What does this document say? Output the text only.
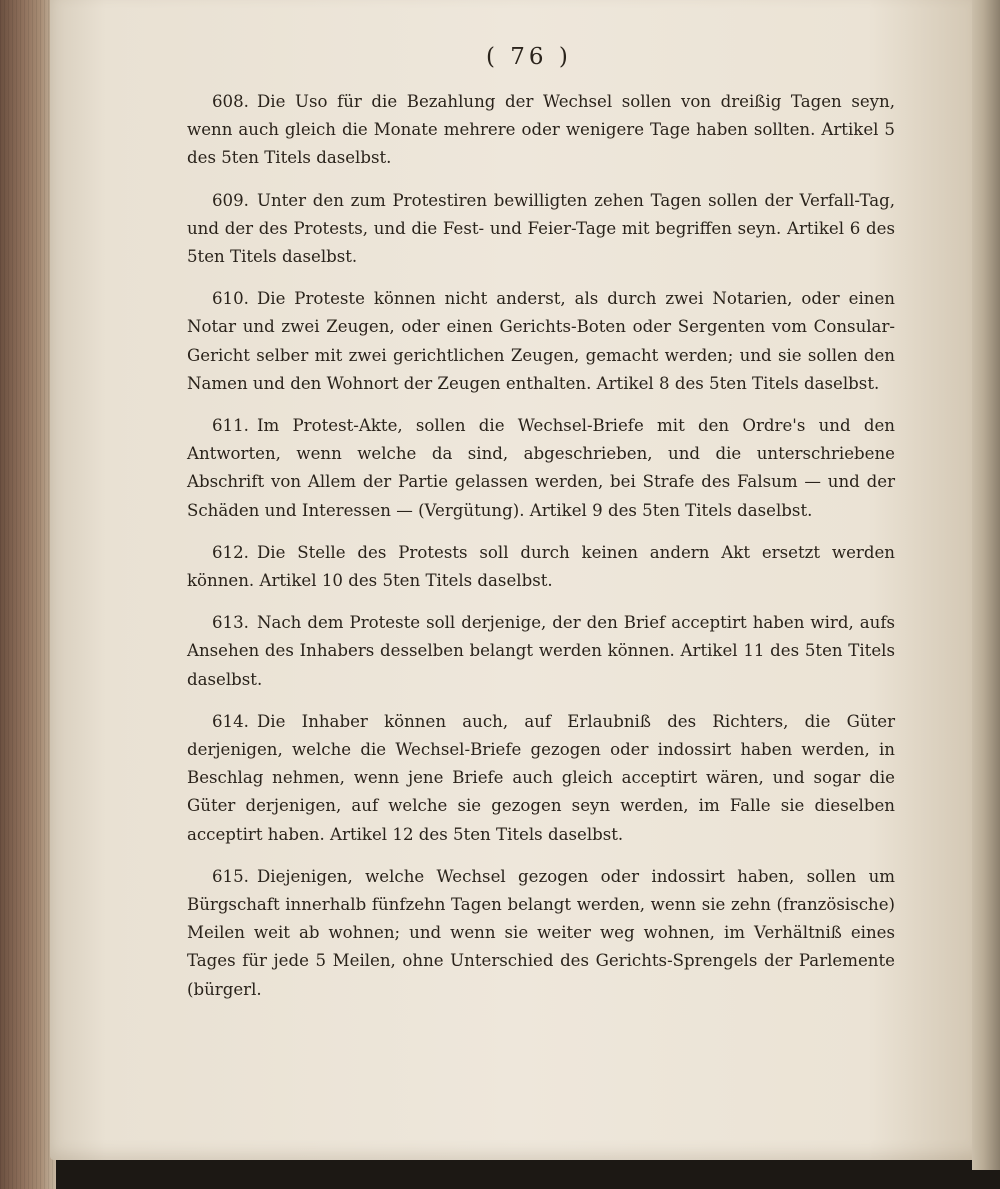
( 76 )

608. Die Uso für die Bezahlung der Wechsel sollen von dreißig Tagen seyn, wenn auch gleich die Monate mehrere oder wenigere Tage haben sollten. Artikel 5 des 5ten Titels daselbst.

609. Unter den zum Protestiren bewilligten zehen Tagen sollen der Verfall-Tag, und der des Protests, und die Fest- und Feier-Tage mit begriffen seyn. Artikel 6 des 5ten Titels daselbst.

610. Die Proteste können nicht anderst, als durch zwei Notarien, oder einen Notar und zwei Zeugen, oder einen Gerichts-Boten oder Sergenten vom Consular-Gericht selber mit zwei gerichtlichen Zeugen, gemacht werden; und sie sollen den Namen und den Wohnort der Zeugen enthalten. Artikel 8 des 5ten Titels daselbst.

611. Im Protest-Akte, sollen die Wechsel-Briefe mit den Ordre's und den Antworten, wenn welche da sind, abgeschrieben, und die unterschriebene Abschrift von Allem der Partie gelassen werden, bei Strafe des Falsum — und der Schäden und Interessen — (Vergütung). Artikel 9 des 5ten Titels daselbst.

612. Die Stelle des Protests soll durch keinen andern Akt ersetzt werden können. Artikel 10 des 5ten Titels daselbst.

613. Nach dem Proteste soll derjenige, der den Brief acceptirt haben wird, aufs Ansehen des Inhabers desselben belangt werden können. Artikel 11 des 5ten Titels daselbst.

614. Die Inhaber können auch, auf Erlaubniß des Richters, die Güter derjenigen, welche die Wechsel-Briefe gezogen oder indossirt haben werden, in Beschlag nehmen, wenn jene Briefe auch gleich acceptirt wären, und sogar die Güter derjenigen, auf welche sie gezogen seyn werden, im Falle sie dieselben acceptirt haben. Artikel 12 des 5ten Titels daselbst.

615. Diejenigen, welche Wechsel gezogen oder indossirt haben, sollen um Bürgschaft innerhalb fünfzehn Tagen belangt werden, wenn sie zehn (französische) Meilen weit ab wohnen; und wenn sie weiter weg wohnen, im Verhältniß eines Tages für jede 5 Meilen, ohne Unterschied des Gerichts-Sprengels der Parlemente (bürgerl.
